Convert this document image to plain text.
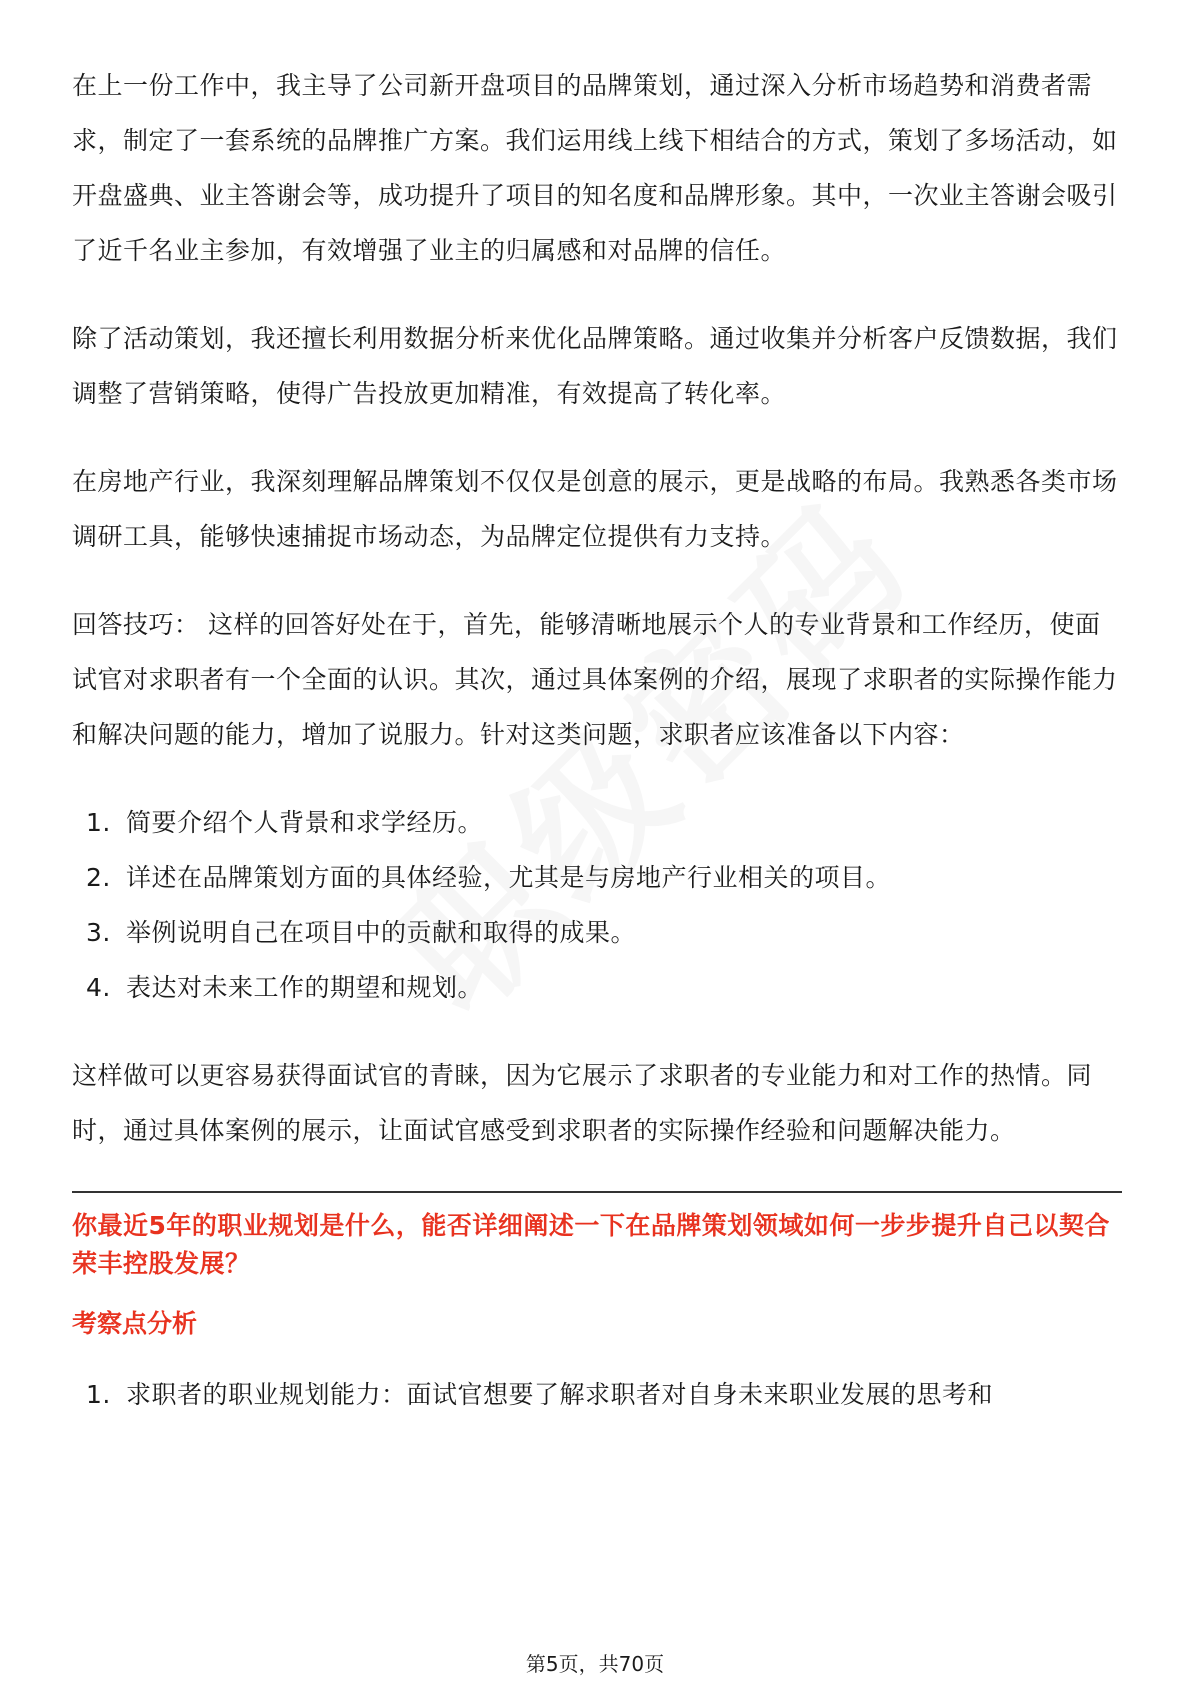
在上一份工作中，我主导了公司新开盘项目的品牌策划，通过深入分析市场趋势和消费者需求，制定了一套系统的品牌推广方案。我们运用线上线下相结合的方式，策划了多场活动，如开盘盛典、业主答谢会等，成功提升了项目的知名度和品牌形象。其中，一次业主答谢会吸引了近千名业主参加，有效增强了业主的归属感和对品牌的信任。

除了活动策划，我还擅长利用数据分析来优化品牌策略。通过收集并分析客户反馈数据，我们调整了营销策略，使得广告投放更加精准，有效提高了转化率。

在房地产行业，我深刻理解品牌策划不仅仅是创意的展示，更是战略的布局。我熟悉各类市场调研工具，能够快速捕捉市场动态，为品牌定位提供有力支持。

回答技巧： 这样的回答好处在于，首先，能够清晰地展示个人的专业背景和工作经历，使面试官对求职者有一个全面的认识。其次，通过具体案例的介绍，展现了求职者的实际操作能力和解决问题的能力，增加了说服力。针对这类问题，求职者应该准备以下内容：

1. 简要介绍个人背景和求学经历。
2. 详述在品牌策划方面的具体经验，尤其是与房地产行业相关的项目。
3. 举例说明自己在项目中的贡献和取得的成果。
4. 表达对未来工作的期望和规划。

这样做可以更容易获得面试官的青睐，因为它展示了求职者的专业能力和对工作的热情。同时，通过具体案例的展示，让面试官感受到求职者的实际操作经验和问题解决能力。

你最近5年的职业规划是什么，能否详细阐述一下在品牌策划领域如何一步步提升自己以契合荣丰控股发展？
考察点分析
1. 求职者的职业规划能力：面试官想要了解求职者对自身未来职业发展的思考和
第5页，共70页
